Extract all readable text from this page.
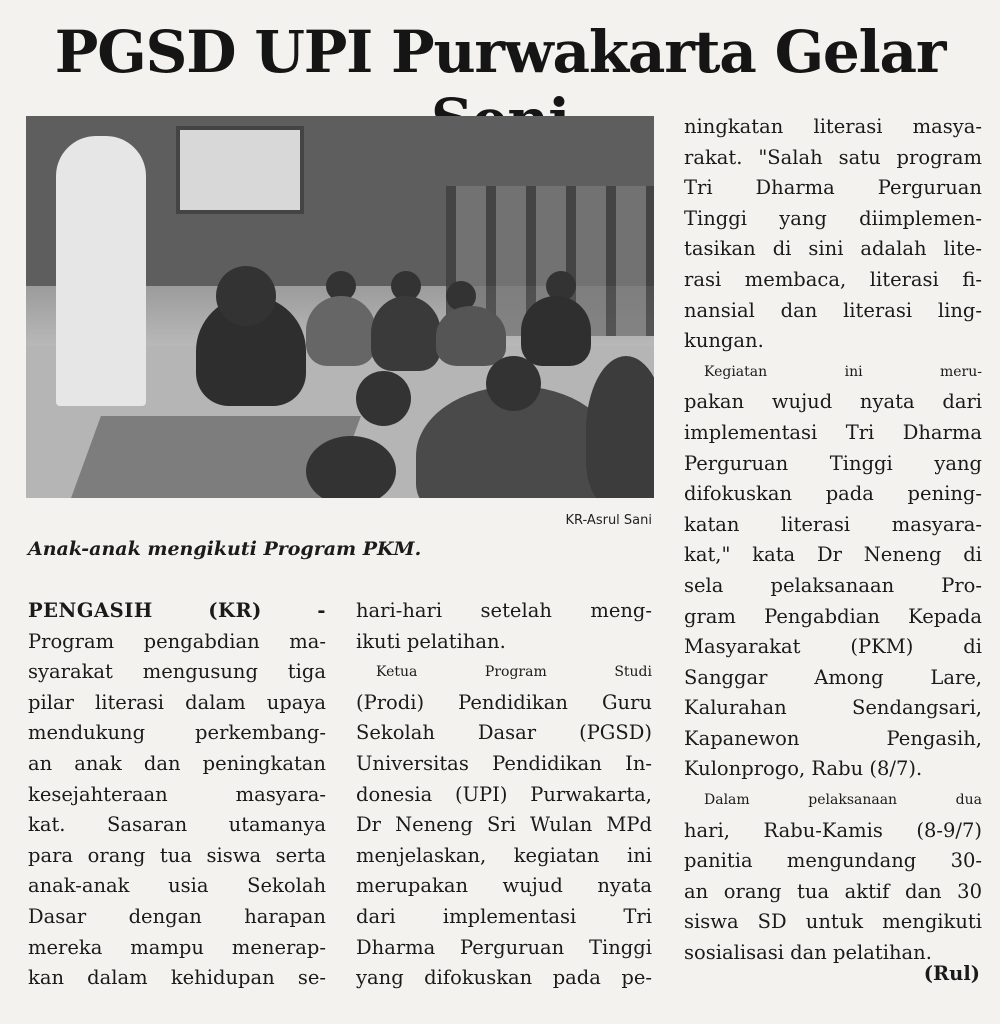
PGSD UPI Purwakarta Gelar
KR-Asrul Sani
Anak-anak mengikuti Program PKM.
PENGASIH (KR) -
Program pengabdian ma-
syarakat mengusung tiga
pilar literasi dalam upaya
mendukung perkembang-
an anak dan peningkatan
kesejahteraan masyara-
kat. Sasaran utamanya
para orang tua siswa serta
anak-anak usia Sekolah
Dasar dengan harapan
mereka mampu menerap-
kan dalam kehidupan se-
hari-hari setelah meng-
ikuti pelatihan.
Ketua Program Studi
(Prodi) Pendidikan Guru
Sekolah Dasar (PGSD)
Universitas Pendidikan In-
donesia (UPI) Purwakarta,
Dr Neneng Sri Wulan MPd
menjelaskan, kegiatan ini
merupakan wujud nyata
dari implementasi Tri
Dharma Perguruan Tinggi
yang difokuskan pada pe-
ningkatan literasi masya-
rakat. "Salah satu program
Tri Dharma Perguruan
Tinggi yang diimplemen-
tasikan di sini adalah lite-
rasi membaca, literasi fi-
nansial dan literasi ling-
kungan.
Kegiatan ini meru-
pakan wujud nyata dari
implementasi Tri Dharma
Perguruan Tinggi yang
difokuskan pada pening-
katan literasi masyara-
kat," kata Dr Neneng di
sela pelaksanaan Pro-
gram Pengabdian Kepada
Masyarakat (PKM) di
Sanggar Among Lare,
Kalurahan Sendangsari,
Kapanewon Pengasih,
Kulonprogo, Rabu (8/7).
Dalam pelaksanaan dua
hari, Rabu-Kamis (8-9/7)
panitia mengundang 30-
an orang tua aktif dan 30
siswa SD untuk mengikuti
sosialisasi dan pelatihan.
(Rul)
